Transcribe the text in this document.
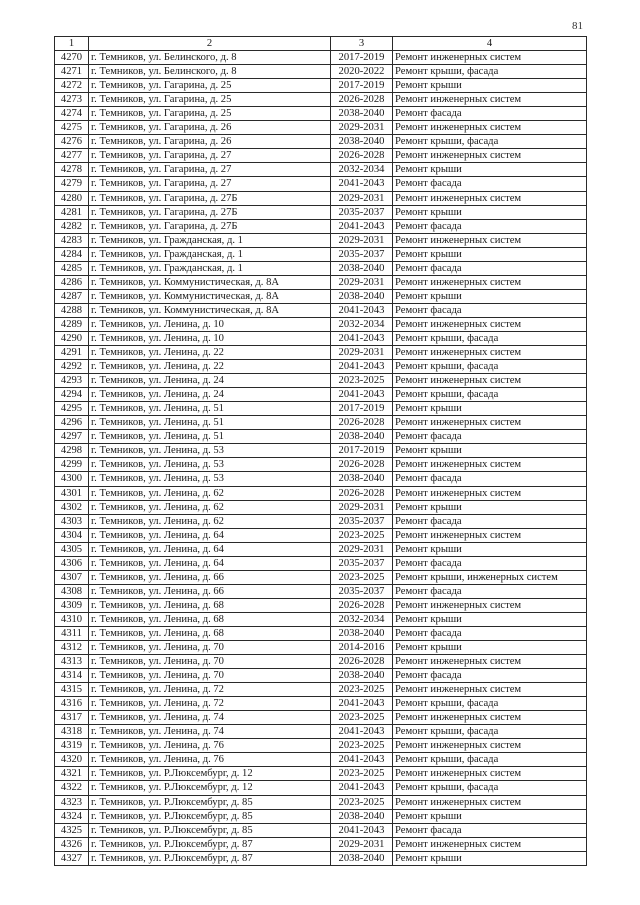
81
1	2	3	4
4270	г. Темников, ул. Белинского, д. 8	2017-2019	Ремонт инженерных систем
4271	г. Темников, ул. Белинского, д. 8	2020-2022	Ремонт крыши, фасада
4272	г. Темников, ул. Гагарина, д. 25	2017-2019	Ремонт крыши
4273	г. Темников, ул. Гагарина, д. 25	2026-2028	Ремонт инженерных систем
4274	г. Темников, ул. Гагарина, д. 25	2038-2040	Ремонт фасада
4275	г. Темников, ул. Гагарина, д. 26	2029-2031	Ремонт инженерных систем
4276	г. Темников, ул. Гагарина, д. 26	2038-2040	Ремонт крыши, фасада
4277	г. Темников, ул. Гагарина, д. 27	2026-2028	Ремонт инженерных систем
4278	г. Темников, ул. Гагарина, д. 27	2032-2034	Ремонт крыши
4279	г. Темников, ул. Гагарина, д. 27	2041-2043	Ремонт фасада
4280	г. Темников, ул. Гагарина, д. 27Б	2029-2031	Ремонт инженерных систем
4281	г. Темников, ул. Гагарина, д. 27Б	2035-2037	Ремонт крыши
4282	г. Темников, ул. Гагарина, д. 27Б	2041-2043	Ремонт фасада
4283	г. Темников, ул. Гражданская, д. 1	2029-2031	Ремонт инженерных систем
4284	г. Темников, ул. Гражданская, д. 1	2035-2037	Ремонт крыши
4285	г. Темников, ул. Гражданская, д. 1	2038-2040	Ремонт фасада
4286	г. Темников, ул. Коммунистическая, д. 8А	2029-2031	Ремонт инженерных систем
4287	г. Темников, ул. Коммунистическая, д. 8А	2038-2040	Ремонт крыши
4288	г. Темников, ул. Коммунистическая, д. 8А	2041-2043	Ремонт фасада
4289	г. Темников, ул. Ленина, д. 10	2032-2034	Ремонт инженерных систем
4290	г. Темников, ул. Ленина, д. 10	2041-2043	Ремонт крыши, фасада
4291	г. Темников, ул. Ленина, д. 22	2029-2031	Ремонт инженерных систем
4292	г. Темников, ул. Ленина, д. 22	2041-2043	Ремонт крыши, фасада
4293	г. Темников, ул. Ленина, д. 24	2023-2025	Ремонт инженерных систем
4294	г. Темников, ул. Ленина, д. 24	2041-2043	Ремонт крыши, фасада
4295	г. Темников, ул. Ленина, д. 51	2017-2019	Ремонт крыши
4296	г. Темников, ул. Ленина, д. 51	2026-2028	Ремонт инженерных систем
4297	г. Темников, ул. Ленина, д. 51	2038-2040	Ремонт фасада
4298	г. Темников, ул. Ленина, д. 53	2017-2019	Ремонт крыши
4299	г. Темников, ул. Ленина, д. 53	2026-2028	Ремонт инженерных систем
4300	г. Темников, ул. Ленина, д. 53	2038-2040	Ремонт фасада
4301	г. Темников, ул. Ленина, д. 62	2026-2028	Ремонт инженерных систем
4302	г. Темников, ул. Ленина, д. 62	2029-2031	Ремонт крыши
4303	г. Темников, ул. Ленина, д. 62	2035-2037	Ремонт фасада
4304	г. Темников, ул. Ленина, д. 64	2023-2025	Ремонт инженерных систем
4305	г. Темников, ул. Ленина, д. 64	2029-2031	Ремонт крыши
4306	г. Темников, ул. Ленина, д. 64	2035-2037	Ремонт фасада
4307	г. Темников, ул. Ленина, д. 66	2023-2025	Ремонт крыши, инженерных систем
4308	г. Темников, ул. Ленина, д. 66	2035-2037	Ремонт фасада
4309	г. Темников, ул. Ленина, д. 68	2026-2028	Ремонт инженерных систем
4310	г. Темников, ул. Ленина, д. 68	2032-2034	Ремонт крыши
4311	г. Темников, ул. Ленина, д. 68	2038-2040	Ремонт фасада
4312	г. Темников, ул. Ленина, д. 70	2014-2016	Ремонт крыши
4313	г. Темников, ул. Ленина, д. 70	2026-2028	Ремонт инженерных систем
4314	г. Темников, ул. Ленина, д. 70	2038-2040	Ремонт фасада
4315	г. Темников, ул. Ленина, д. 72	2023-2025	Ремонт инженерных систем
4316	г. Темников, ул. Ленина, д. 72	2041-2043	Ремонт крыши, фасада
4317	г. Темников, ул. Ленина, д. 74	2023-2025	Ремонт инженерных систем
4318	г. Темников, ул. Ленина, д. 74	2041-2043	Ремонт крыши, фасада
4319	г. Темников, ул. Ленина, д. 76	2023-2025	Ремонт инженерных систем
4320	г. Темников, ул. Ленина, д. 76	2041-2043	Ремонт крыши, фасада
4321	г. Темников, ул. Р.Люксембург, д. 12	2023-2025	Ремонт инженерных систем
4322	г. Темников, ул. Р.Люксембург, д. 12	2041-2043	Ремонт крыши, фасада
4323	г. Темников, ул. Р.Люксембург, д. 85	2023-2025	Ремонт инженерных систем
4324	г. Темников, ул. Р.Люксембург, д. 85	2038-2040	Ремонт крыши
4325	г. Темников, ул. Р.Люксембург, д. 85	2041-2043	Ремонт фасада
4326	г. Темников, ул. Р.Люксембург, д. 87	2029-2031	Ремонт инженерных систем
4327	г. Темников, ул. Р.Люксембург, д. 87	2038-2040	Ремонт крыши
